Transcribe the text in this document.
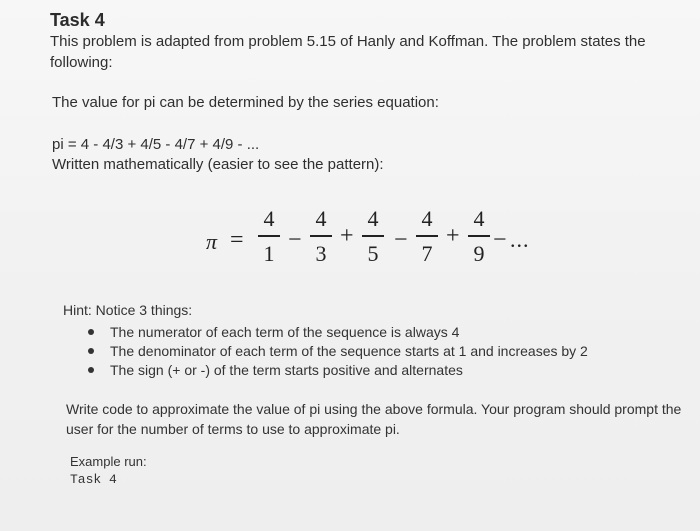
Task 4
This problem is adapted from problem 5.15 of Hanly and Koffman. The problem states the following:
The value for pi can be determined by the series equation:
pi = 4 - 4/3 + 4/5 - 4/7 + 4/9 - ...
Written mathematically (easier to see the pattern):
π =
4
1
−
4
3
+
4
5
−
4
7
+
4
9
− ...
Hint: Notice 3 things:
The numerator of each term of the sequence is always 4
The denominator of each term of the sequence starts at 1 and increases by 2
The sign (+ or -) of the term starts positive and alternates
Write code to approximate the value of pi using the above formula. Your program should prompt the user for the number of terms to use to approximate pi.
Example run:
Task 4
